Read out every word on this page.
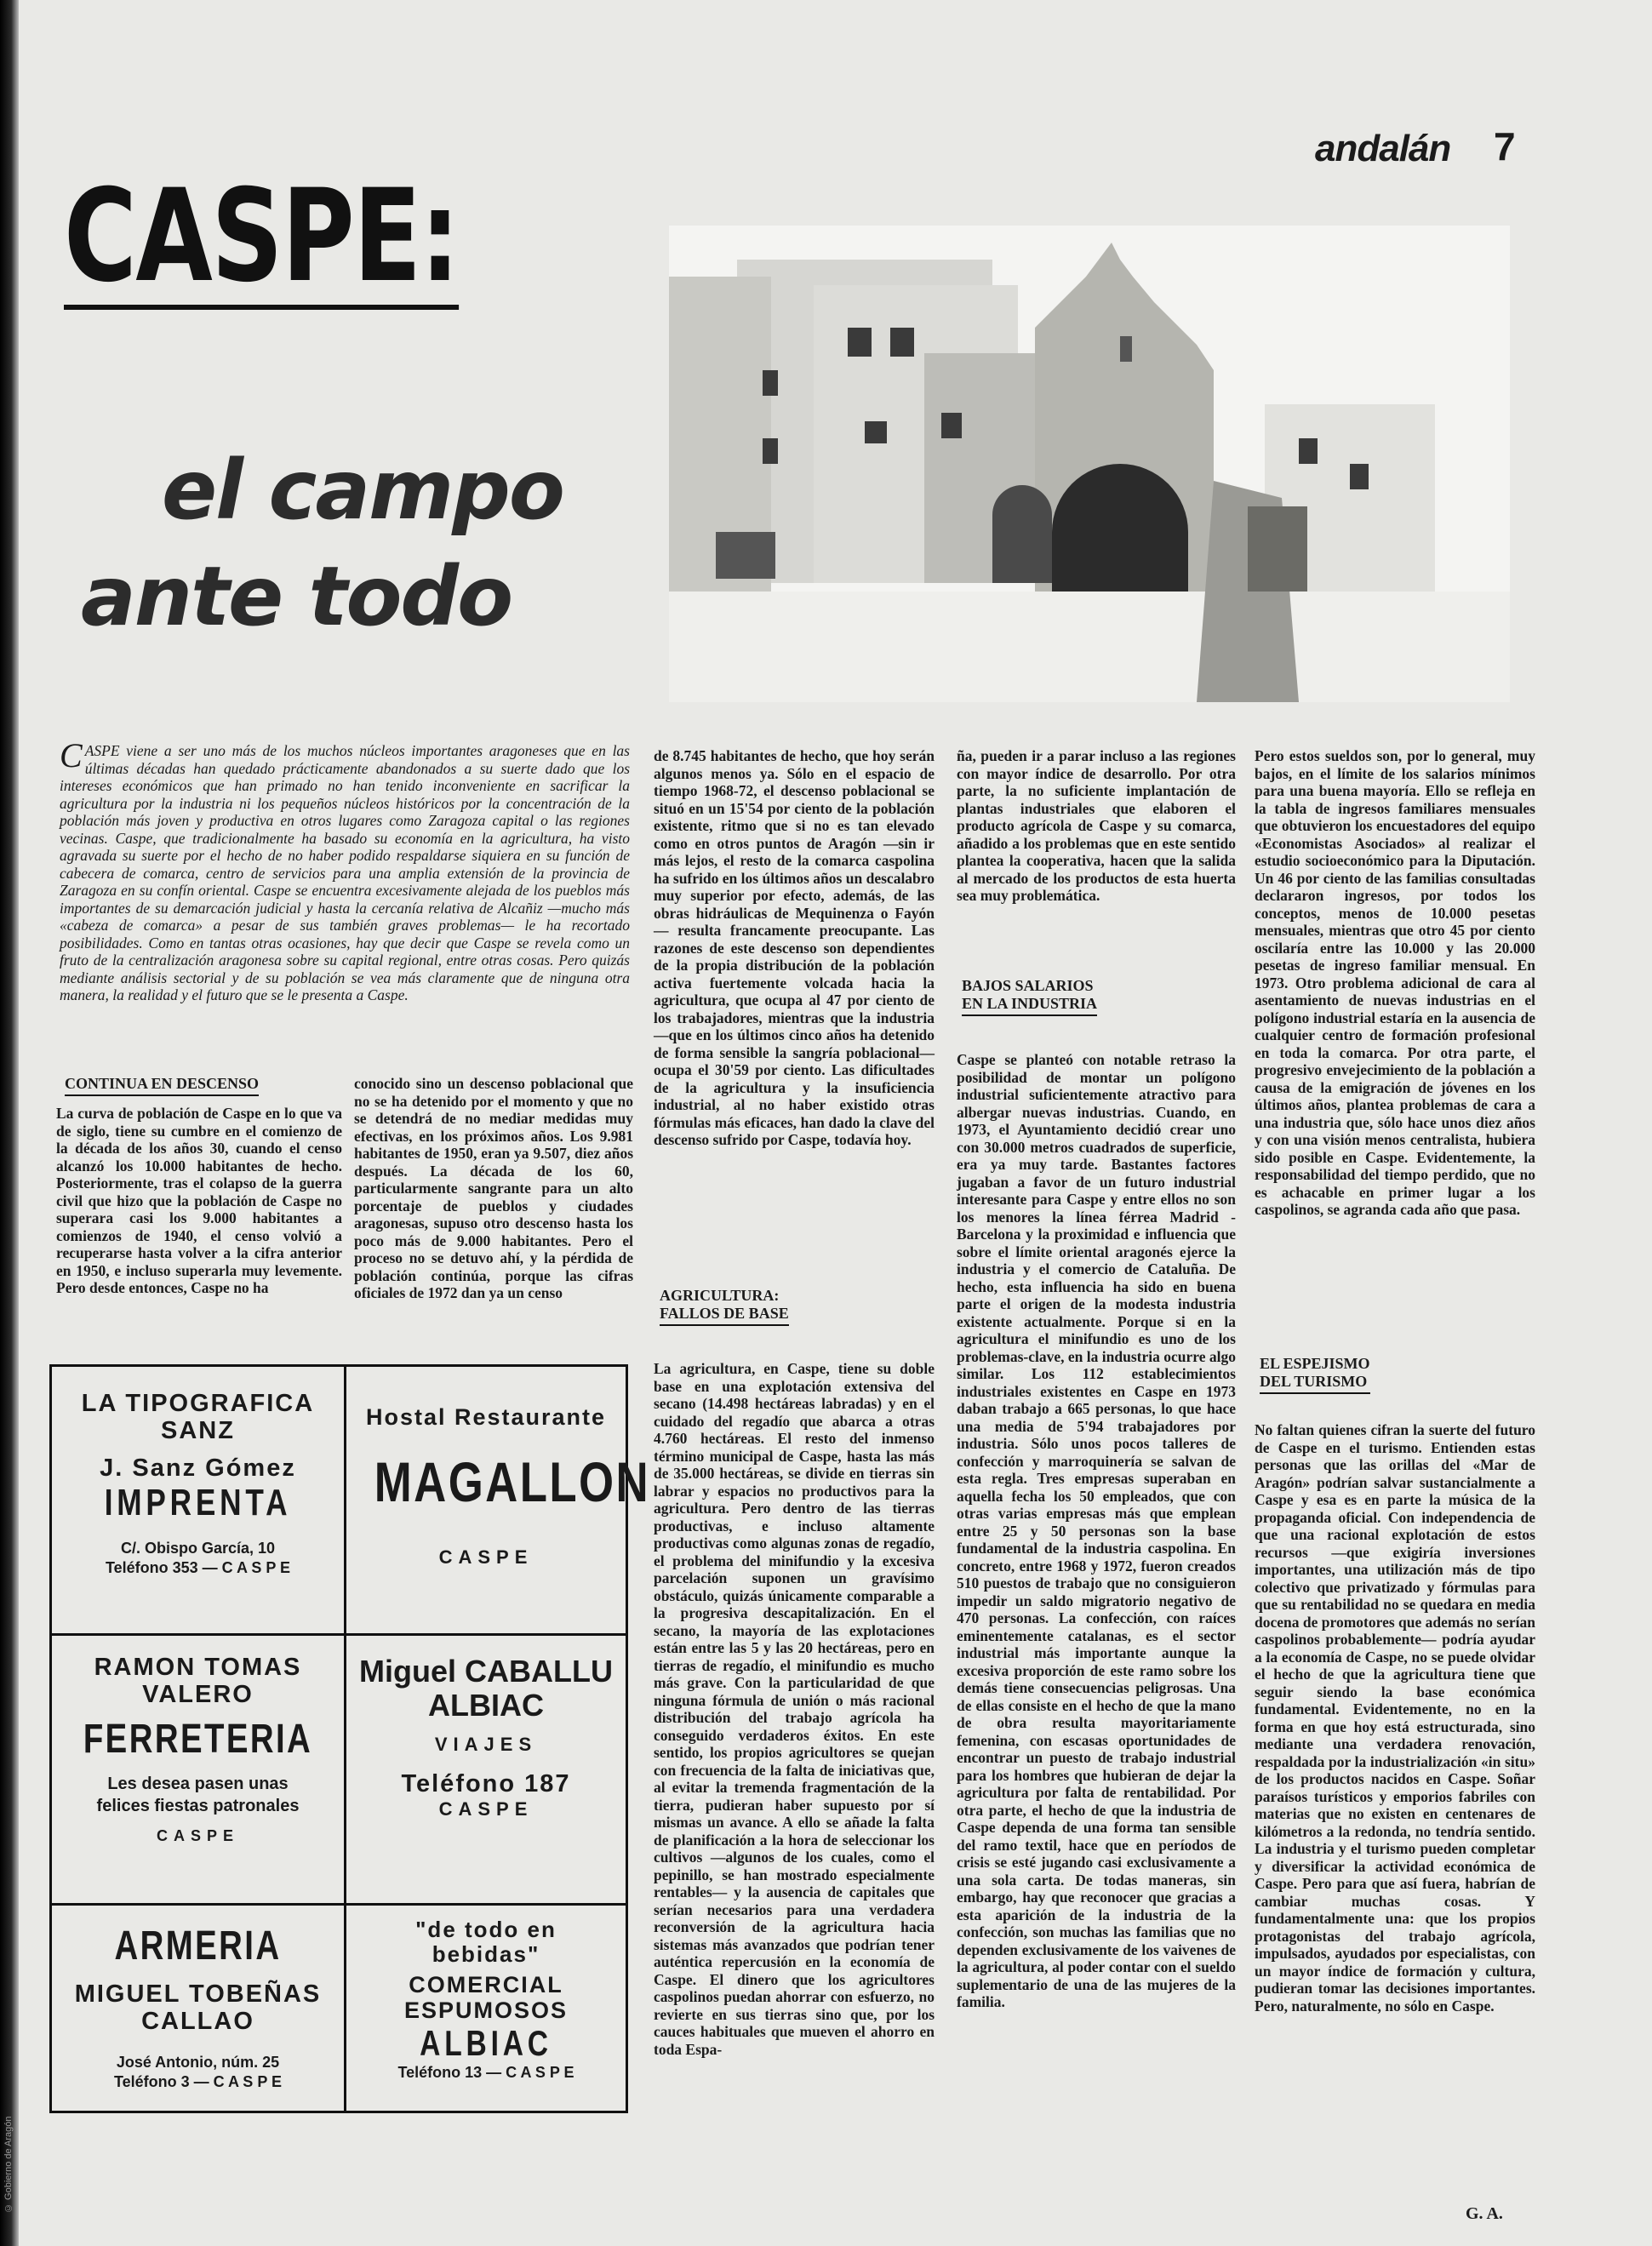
© Gobierno de Aragón
andalán 7
CASPE:
el campo
ante todo

CASPE viene a ser uno más de los muchos núcleos importantes aragoneses que en las últimas décadas han quedado prácticamente abandonados a su suerte dado que los intereses económicos que han primado no han tenido inconveniente en sacrificar la agricultura por la industria ni los pequeños núcleos históricos por la concentración de la población más joven y productiva en otros lugares como Zaragoza capital o las regiones vecinas. Caspe, que tradicionalmente ha basado su economía en la agricultura, ha visto agravada su suerte por el hecho de no haber podido respaldarse siquiera en su función de cabecera de comarca, centro de servicios para una amplia extensión de la provincia de Zaragoza en su confín oriental. Caspe se encuentra excesivamente alejada de los pueblos más importantes de su demarcación judicial y hasta la cercanía relativa de Alcañiz —mucho más «cabeza de comarca» a pesar de sus también graves problemas— le ha recortado posibilidades. Como en tantas otras ocasiones, hay que decir que Caspe se revela como un fruto de la centralización aragonesa sobre su capital regional, entre otras cosas. Pero quizás mediante análisis sectorial y de su población se vea más claramente que de ninguna otra manera, la realidad y el futuro que se le presenta a Caspe.

CONTINUA EN DESCENSO

La curva de población de Caspe en lo que va de siglo, tiene su cumbre en el comienzo de la década de los años 30, cuando el censo alcanzó los 10.000 habitantes de hecho. Posteriormente, tras el colapso de la guerra civil que hizo que la población de Caspe no superara casi los 9.000 habitantes a comienzos de 1940, el censo volvió a recuperarse hasta volver a la cifra anterior en 1950, e incluso superarla muy levemente. Pero desde entonces, Caspe no ha

conocido sino un descenso poblacional que no se ha detenido por el momento y que no se detendrá de no mediar medidas muy efectivas, en los próximos años. Los 9.981 habitantes de 1950, eran ya 9.507, diez años después. La década de los 60, particularmente sangrante para un alto porcentaje de pueblos y ciudades aragonesas, supuso otro descenso hasta los poco más de 9.000 habitantes. Pero el proceso no se detuvo ahí, y la pérdida de población continúa, porque las cifras oficiales de 1972 dan ya un censo

de 8.745 habitantes de hecho, que hoy serán algunos menos ya. Sólo en el espacio de tiempo 1968-72, el descenso poblacional se situó en un 15'54 por ciento de la población existente, ritmo que si no es tan elevado como en otros puntos de Aragón —sin ir más lejos, el resto de la comarca caspolina ha sufrido en los últimos años un descalabro muy superior por efecto, además, de las obras hidráulicas de Mequinenza o Fayón— resulta francamente preocupante. Las razones de este descenso son dependientes de la propia distribución de la población activa fuertemente volcada hacia la agricultura, que ocupa al 47 por ciento de los trabajadores, mientras que la industria —que en los últimos cinco años ha detenido de forma sensible la sangría poblacional— ocupa el 30'59 por ciento. Las dificultades de la agricultura y la insuficiencia industrial, al no haber existido otras fórmulas más eficaces, han dado la clave del descenso sufrido por Caspe, todavía hoy.

AGRICULTURA:
FALLOS DE BASE

La agricultura, en Caspe, tiene su doble base en una explotación extensiva del secano (14.498 hectáreas labradas) y en el cuidado del regadío que abarca a otras 4.760 hectáreas. El resto del inmenso término municipal de Caspe, hasta las más de 35.000 hectáreas, se divide en tierras sin labrar y espacios no productivos para la agricultura. Pero dentro de las tierras productivas, e incluso altamente productivas como algunas zonas de regadío, el problema del minifundio y la excesiva parcelación suponen un gravísimo obstáculo, quizás únicamente comparable a la progresiva descapitalización. En el secano, la mayoría de las explotaciones están entre las 5 y las 20 hectáreas, pero en tierras de regadío, el minifundio es mucho más grave. Con la particularidad de que ninguna fórmula de unión o más racional distribución del trabajo agrícola ha conseguido verdaderos éxitos. En este sentido, los propios agricultores se quejan con frecuencia de la falta de iniciativas que, al evitar la tremenda fragmentación de la tierra, pudieran haber supuesto por sí mismas un avance. A ello se añade la falta de planificación a la hora de seleccionar los cultivos —algunos de los cuales, como el pepinillo, se han mostrado especialmente rentables— y la ausencia de capitales que serían necesarios para una verdadera reconversión de la agricultura hacia sistemas más avanzados que podrían tener auténtica repercusión en la economía de Caspe. El dinero que los agricultores caspolinos puedan ahorrar con esfuerzo, no revierte en sus tierras sino que, por los cauces habituales que mueven el ahorro en toda Espa-

ña, pueden ir a parar incluso a las regiones con mayor índice de desarrollo. Por otra parte, la no suficiente implantación de plantas industriales que elaboren el producto agrícola de Caspe y su comarca, añadido a los problemas que en este sentido plantea la cooperativa, hacen que la salida al mercado de los productos de esta huerta sea muy problemática.

BAJOS SALARIOS
EN LA INDUSTRIA

Caspe se planteó con notable retraso la posibilidad de montar un polígono industrial suficientemente atractivo para albergar nuevas industrias. Cuando, en 1973, el Ayuntamiento decidió crear uno con 30.000 metros cuadrados de superficie, era ya muy tarde. Bastantes factores jugaban a favor de un futuro industrial interesante para Caspe y entre ellos no son los menores la línea férrea Madrid - Barcelona y la proximidad e influencia que sobre el límite oriental aragonés ejerce la industria y el comercio de Cataluña. De hecho, esta influencia ha sido en buena parte el origen de la modesta industria existente actualmente. Porque si en la agricultura el minifundio es uno de los problemas-clave, en la industria ocurre algo similar. Los 112 establecimientos industriales existentes en Caspe en 1973 daban trabajo a 665 personas, lo que hace una media de 5'94 trabajadores por industria. Sólo unos pocos talleres de confección y marroquinería se salvan de esta regla. Tres empresas superaban en aquella fecha los 50 empleados, que con otras varias empresas más que emplean entre 25 y 50 personas son la base fundamental de la industria caspolina. En concreto, entre 1968 y 1972, fueron creados 510 puestos de trabajo que no consiguieron impedir un saldo migratorio negativo de 470 personas. La confección, con raíces eminentemente catalanas, es el sector industrial más importante aunque la excesiva proporción de este ramo sobre los demás tiene consecuencias peligrosas. Una de ellas consiste en el hecho de que la mano de obra resulta mayoritariamente femenina, con escasas oportunidades de encontrar un puesto de trabajo industrial para los hombres que hubieran de dejar la agricultura por falta de rentabilidad. Por otra parte, el hecho de que la industria de Caspe dependa de una forma tan sensible del ramo textil, hace que en períodos de crisis se esté jugando casi exclusivamente a una sola carta. De todas maneras, sin embargo, hay que reconocer que gracias a esta aparición de la industria de la confección, son muchas las familias que no dependen exclusivamente de los vaivenes de la agricultura, al poder contar con el sueldo suplementario de una de las mujeres de la familia.

Pero estos sueldos son, por lo general, muy bajos, en el límite de los salarios mínimos para una buena mayoría. Ello se refleja en la tabla de ingresos familiares mensuales que obtuvieron los encuestadores del equipo «Economistas Asociados» al realizar el estudio socioeconómico para la Diputación. Un 46 por ciento de las familias consultadas declararon ingresos, por todos los conceptos, menos de 10.000 pesetas mensuales, mientras que otro 45 por ciento oscilaría entre las 10.000 y las 20.000 pesetas de ingreso familiar mensual. En 1973. Otro problema adicional de cara al asentamiento de nuevas industrias en el polígono industrial estaría en la ausencia de cualquier centro de formación profesional en toda la comarca. Por otra parte, el progresivo envejecimiento de la población a causa de la emigración de jóvenes en los últimos años, plantea problemas de cara a una industria que, sólo hace unos diez años y con una visión menos centralista, hubiera sido posible en Caspe. Evidentemente, la responsabilidad del tiempo perdido, que no es achacable en primer lugar a los caspolinos, se agranda cada año que pasa.

EL ESPEJISMO
DEL TURISMO

No faltan quienes cifran la suerte del futuro de Caspe en el turismo. Entienden estas personas que las orillas del «Mar de Aragón» podrían salvar sustancialmente a Caspe y esa es en parte la música de la propaganda oficial. Con independencia de que una racional explotación de estos recursos —que exigiría inversiones importantes, una utilización más de tipo colectivo que privatizado y fórmulas para que su rentabilidad no se quedara en media docena de promotores que además no serían caspolinos probablemente— podría ayudar a la economía de Caspe, no se puede olvidar el hecho de que la agricultura tiene que seguir siendo la base económica fundamental. Evidentemente, no en la forma en que hoy está estructurada, sino mediante una verdadera renovación, respaldada por la industrialización «in situ» de los productos nacidos en Caspe. Soñar paraísos turísticos y emporios fabriles con materias que no existen en centenares de kilómetros a la redonda, no tendría sentido. La industria y el turismo pueden completar y diversificar la actividad económica de Caspe. Pero para que así fuera, habrían de cambiar muchas cosas. Y fundamentalmente una: que los propios protagonistas del trabajo agrícola, impulsados, ayudados por especialistas, con un mayor índice de formación y cultura, pudieran tomar las decisiones importantes. Pero, naturalmente, no sólo en Caspe.

G. A.

LA TIPOGRAFICA

SANZ

J. Sanz Gómez

IMPRENTA

C/. Obispo García, 10

Teléfono 353 — C A S P E

Hostal Restaurante

MAGALLON

CASPE

RAMON TOMAS

VALERO

FERRETERIA

Les desea pasen unas

felices fiestas patronales

CASPE

Miguel CABALLU

ALBIAC

VIAJES

Teléfono 187

CASPE

ARMERIA

MIGUEL TOBEÑAS

CALLAO

José Antonio, núm. 25

Teléfono 3 — C A S P E

"de todo en

bebidas"

COMERCIAL

ESPUMOSOS

ALBIAC

Teléfono 13 — C A S P E
